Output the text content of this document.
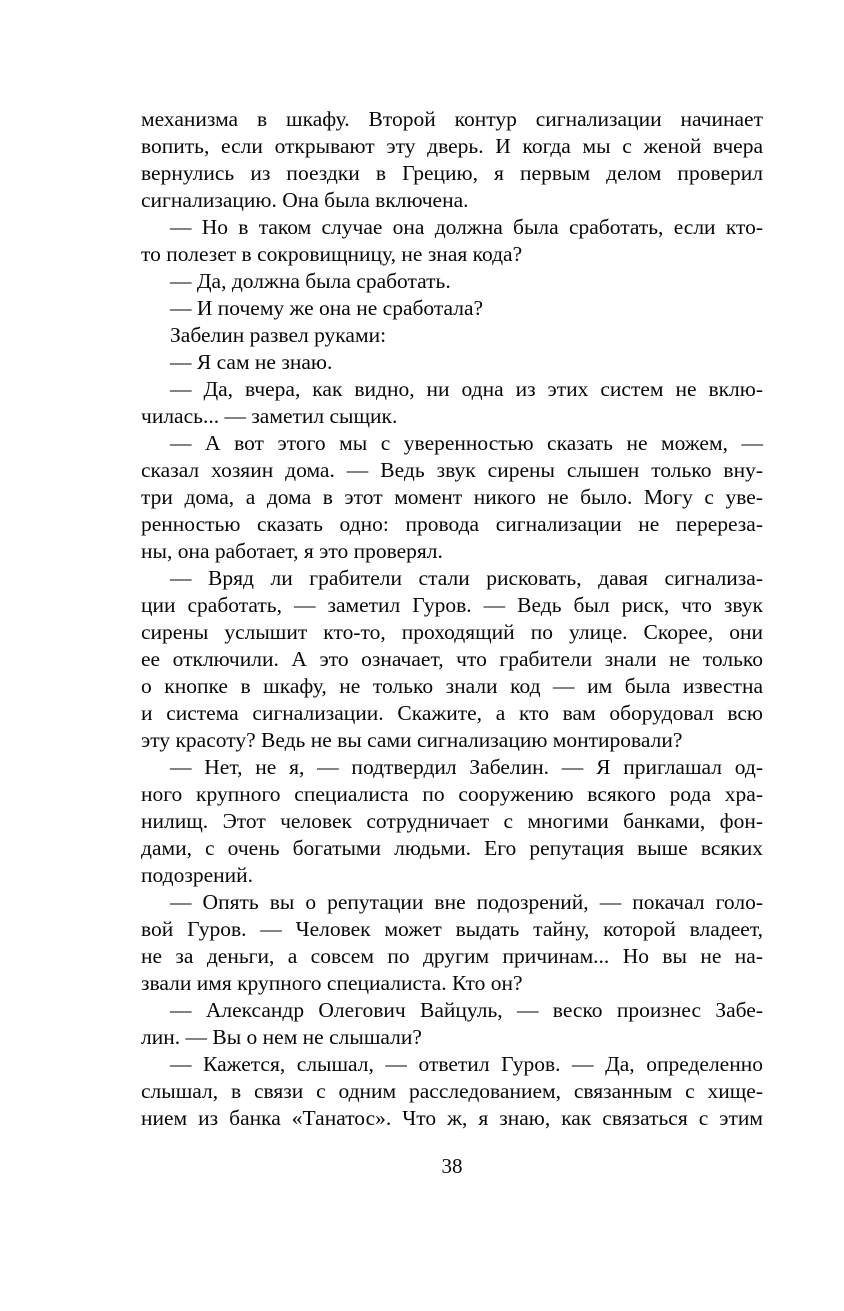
механизма в шкафу. Второй контур сигнализации начинает
вопить, если открывают эту дверь. И когда мы с женой вчера
вернулись из поездки в Грецию, я первым делом проверил
сигнализацию. Она была включена.
— Но в таком случае она должна была сработать, если кто-
то полезет в сокровищницу, не зная кода?
— Да, должна была сработать.
— И почему же она не сработала?
Забелин развел руками:
— Я сам не знаю.
— Да, вчера, как видно, ни одна из этих систем не вклю-
чилась... — заметил сыщик.
— А вот этого мы с уверенностью сказать не можем, —
сказал хозяин дома. — Ведь звук сирены слышен только вну-
три дома, а дома в этот момент никого не было. Могу с уве-
ренностью сказать одно: провода сигнализации не перереза-
ны, она работает, я это проверял.
— Вряд ли грабители стали рисковать, давая сигнализа-
ции сработать, — заметил Гуров. — Ведь был риск, что звук
сирены услышит кто-то, проходящий по улице. Скорее, они
ее отключили. А это означает, что грабители знали не только
о кнопке в шкафу, не только знали код — им была известна
и система сигнализации. Скажите, а кто вам оборудовал всю
эту красоту? Ведь не вы сами сигнализацию монтировали?
— Нет, не я, — подтвердил Забелин. — Я приглашал од-
ного крупного специалиста по сооружению всякого рода хра-
нилищ. Этот человек сотрудничает с многими банками, фон-
дами, с очень богатыми людьми. Его репутация выше всяких
подозрений.
— Опять вы о репутации вне подозрений, — покачал голо-
вой Гуров. — Человек может выдать тайну, которой владеет,
не за деньги, а совсем по другим причинам... Но вы не на-
звали имя крупного специалиста. Кто он?
— Александр Олегович Вайцуль, — веско произнес Забе-
лин. — Вы о нем не слышали?
— Кажется, слышал, — ответил Гуров. — Да, определенно
слышал, в связи с одним расследованием, связанным с хище-
нием из банка «Танатос». Что ж, я знаю, как связаться с этим
38
